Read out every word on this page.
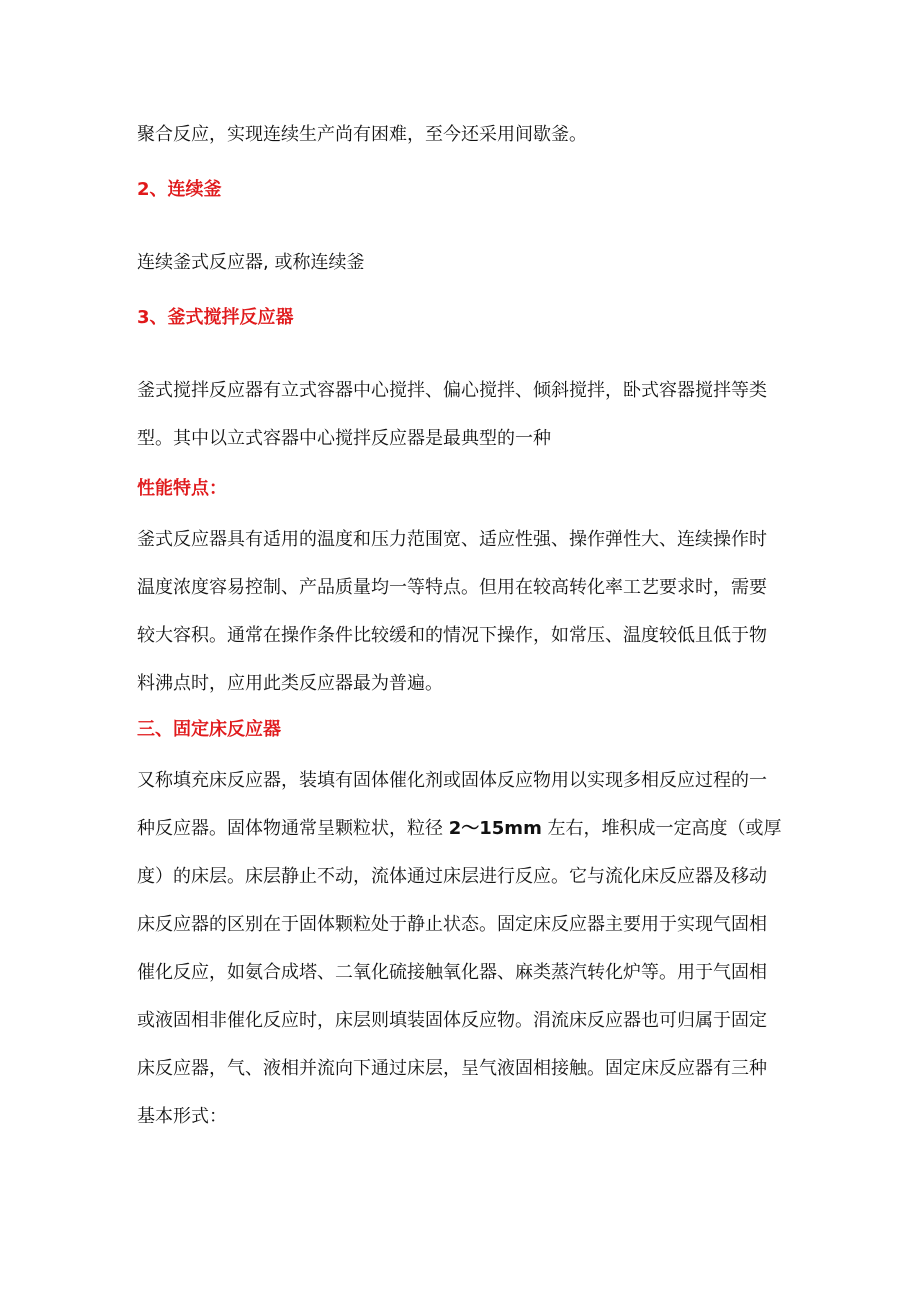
聚合反应，实现连续生产尚有困难，至今还采用间歇釜。

2、连续釜

连续釜式反应器, 或称连续釜

3、釜式搅拌反应器

釜式搅拌反应器有立式容器中心搅拌、偏心搅拌、倾斜搅拌，卧式容器搅拌等类
型。其中以立式容器中心搅拌反应器是最典型的一种

性能特点：

釜式反应器具有适用的温度和压力范围宽、适应性强、操作弹性大、连续操作时
温度浓度容易控制、产品质量均一等特点。但用在较高转化率工艺要求时，需要
较大容积。通常在操作条件比较缓和的情况下操作，如常压、温度较低且低于物
料沸点时，应用此类反应器最为普遍。

三、固定床反应器

又称填充床反应器，装填有固体催化剂或固体反应物用以实现多相反应过程的一
种反应器。固体物通常呈颗粒状，粒径 2～15mm 左右，堆积成一定高度（或厚
度）的床层。床层静止不动，流体通过床层进行反应。它与流化床反应器及移动
床反应器的区别在于固体颗粒处于静止状态。固定床反应器主要用于实现气固相
催化反应，如氨合成塔、二氧化硫接触氧化器、麻类蒸汽转化炉等。用于气固相
或液固相非催化反应时，床层则填装固体反应物。涓流床反应器也可归属于固定
床反应器，气、液相并流向下通过床层，呈气液固相接触。固定床反应器有三种
基本形式：
